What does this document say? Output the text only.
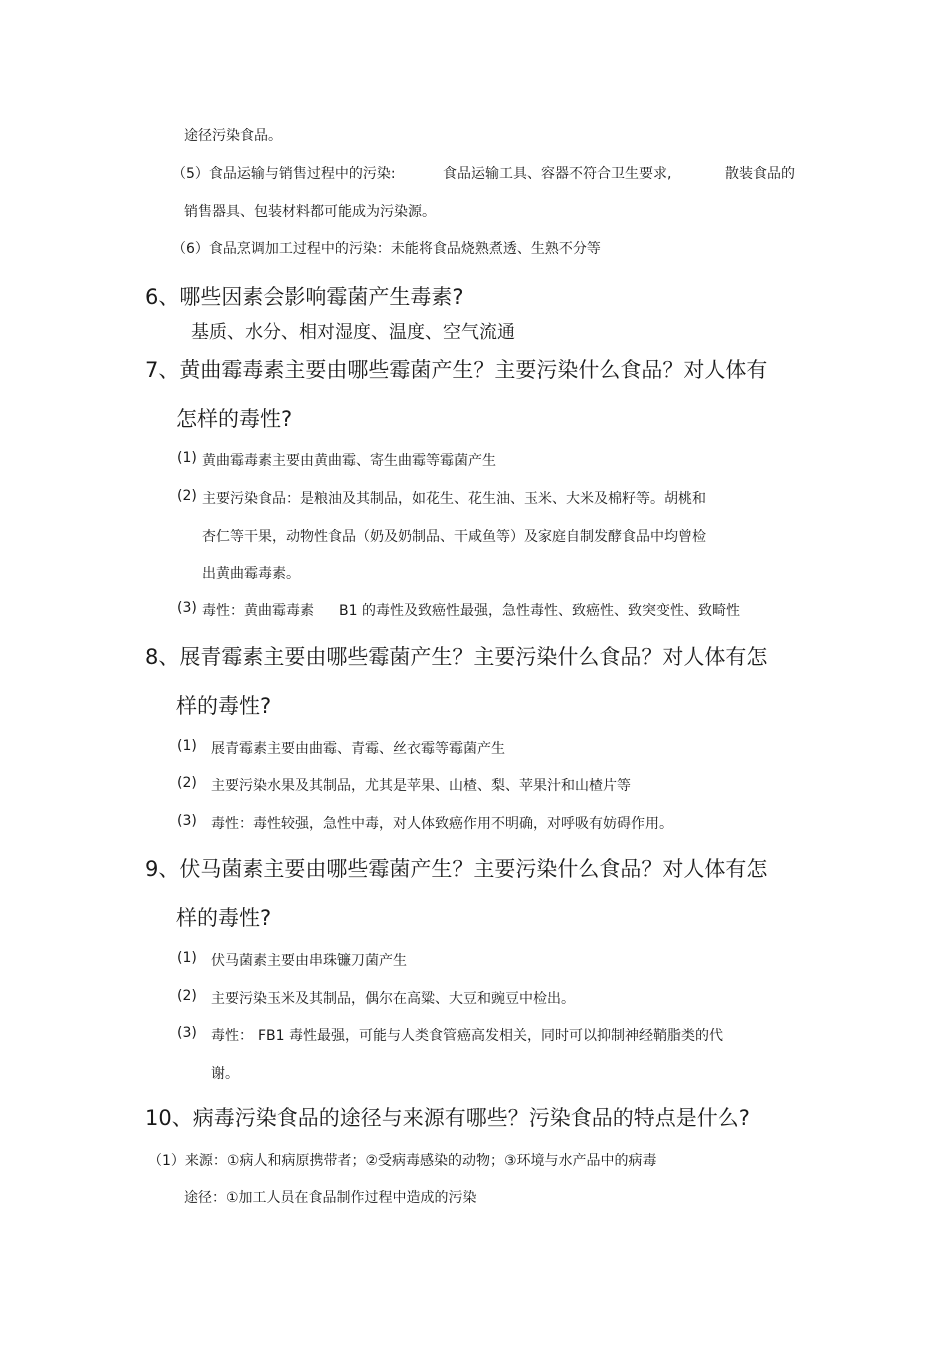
途径污染食品。
（5）食品运输与销售过程中的污染:	食品运输工具、容器不符合卫生要求,	散装食品的
销售器具、包装材料都可能成为污染源。
（6）食品烹调加工过程中的污染：未能将食品烧熟煮透、生熟不分等
6、哪些因素会影响霉菌产生毒素?
基质、水分、相对湿度、温度、空气流通
7、黄曲霉毒素主要由哪些霉菌产生？主要污染什么食品？对人体有
怎样的毒性?
(1) 黄曲霉毒素主要由黄曲霉、寄生曲霉等霉菌产生
(2) 主要污染食品：是粮油及其制品，如花生、花生油、玉米、大米及棉籽等。胡桃和
杏仁等干果，动物性食品（奶及奶制品、干咸鱼等）及家庭自制发酵食品中均曾检
出黄曲霉毒素。
(3) 毒性：黄曲霉毒素 B1 的毒性及致癌性最强，急性毒性、致癌性、致突变性、致畸性
8、展青霉素主要由哪些霉菌产生？主要污染什么食品？对人体有怎
样的毒性?
(1) 展青霉素主要由曲霉、青霉、丝衣霉等霉菌产生
(2) 主要污染水果及其制品，尤其是苹果、山楂、梨、苹果汁和山楂片等
(3) 毒性：毒性较强，急性中毒，对人体致癌作用不明确，对呼吸有妨碍作用。
9、伏马菌素主要由哪些霉菌产生？主要污染什么食品？对人体有怎
样的毒性?
(1) 伏马菌素主要由串珠镰刀菌产生
(2) 主要污染玉米及其制品，偶尔在高粱、大豆和豌豆中检出。
(3) 毒性： FB1 毒性最强，可能与人类食管癌高发相关，同时可以抑制神经鞘脂类的代
谢。
10、病毒污染食品的途径与来源有哪些？污染食品的特点是什么?
（1）来源：①病人和病原携带者；②受病毒感染的动物；③环境与水产品中的病毒
途径：①加工人员在食品制作过程中造成的污染
